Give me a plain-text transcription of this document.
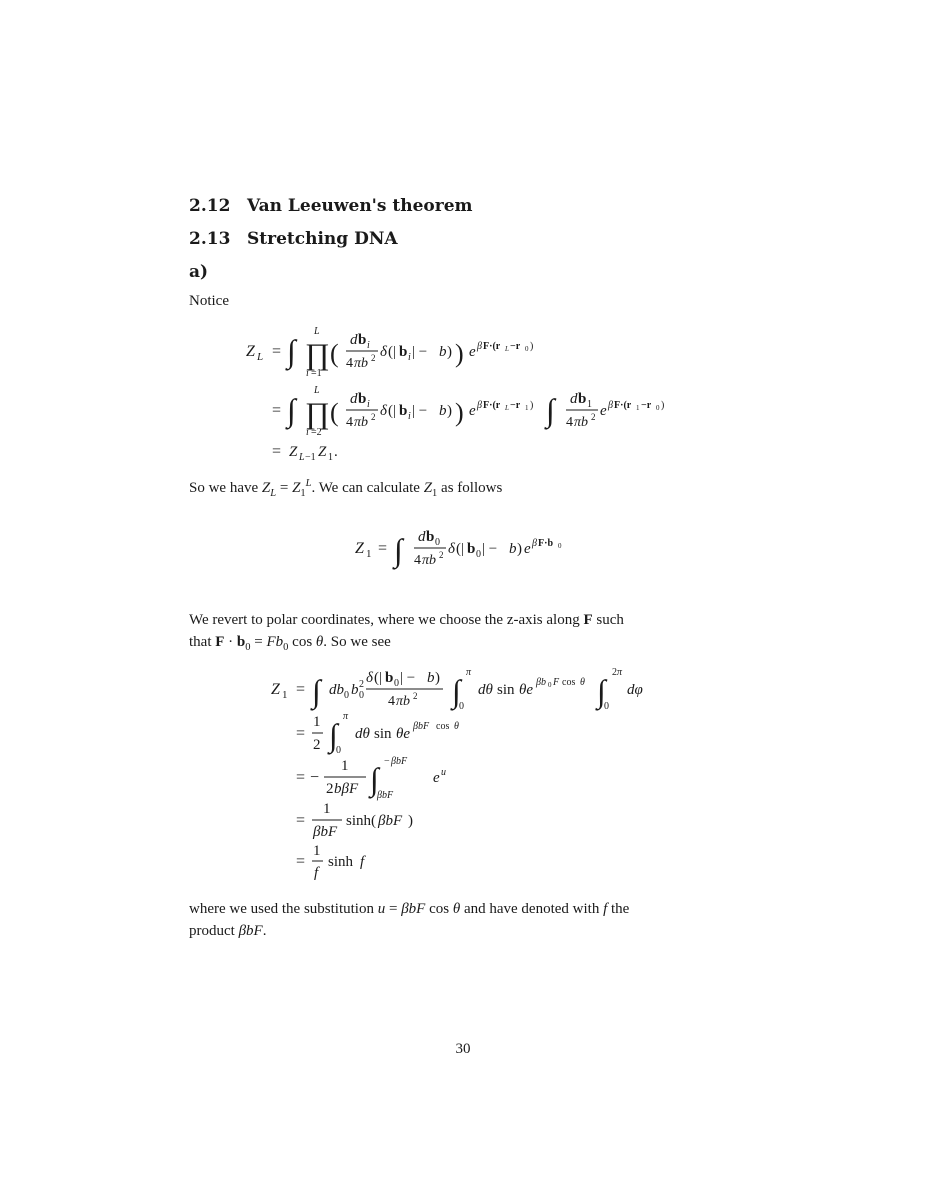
2.12 Van Leeuwen's theorem
2.13 Stretching DNA
a)

Notice

Z L = ∫ ∏
L
i =1
( d b i
4 πb 2 δ (| b i | − b ) ) e β F·(r L −r 0 )
= ∫ ∏
L
i =2
( d b i
4 πb 2 δ (| b i | − b ) ) e β F·(r L −r 1 ) ∫ d b 1
4 πb 2 e β F·(r 1 −r 0 )
= Z L −1 Z 1 .

So we have $Z_L = Z_1^L$. We can calculate $Z_1$ as follows

Z 1 = ∫ d b 0
4 πb 2 δ (| b 0 | − b ) e β F·b 0

We revert to polar coordinates, where we choose the z-axis along F such
that $F \cdot b_0 = Fb_0$ cos θ. So we see

Z 1 = ∫ db 0 b 0
2 δ (| b 0 | − b )
4 πb 2 ∫
π
0
dθ sin θe βb 0 F cos θ ∫
2 π
0
dφ
=
1
2 ∫
π
0
dθ sin θe βbF cos θ
= −
1
2 bβF ∫ − βbF
βbF
e u
=
1
βbF
sinh( βbF )
=
1
f
sinh f

where we used the substitution u = βbF cos θ and have denoted with f the
product βbF.

30
